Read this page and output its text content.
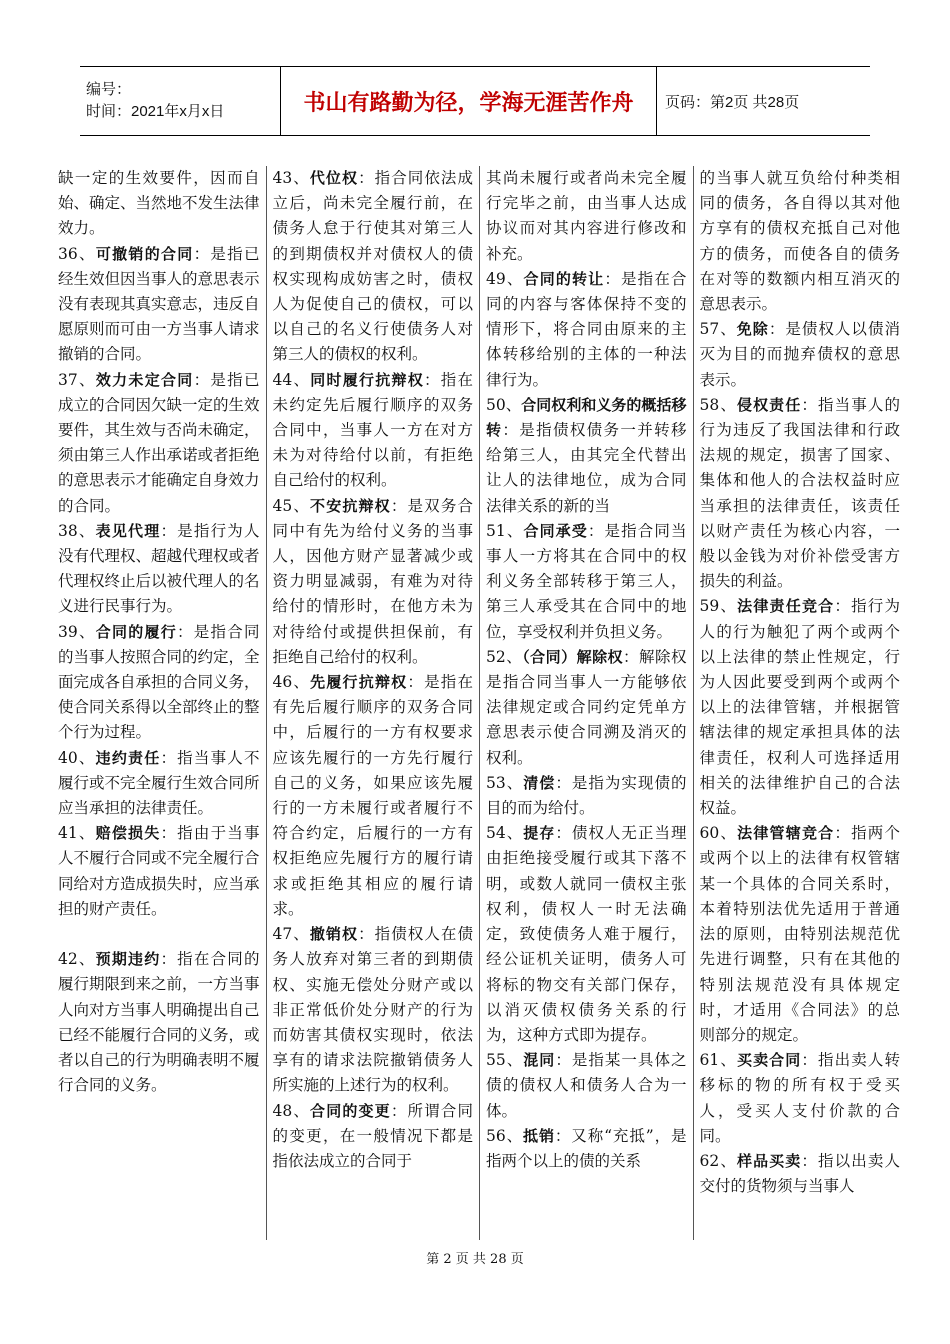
编号：
时间：2021年x月x日	书山有路勤为径，学海无涯苦作舟 页码：第2页 共28页

缺一定的生效要件，因而自始、确定、当然地不发生法律效力。

36、可撤销的合同：是指已经生效但因当事人的意思表示没有表现其真实意志，违反自愿原则而可由一方当事人请求撤销的合同。

37、效力未定合同：是指已成立的合同因欠缺一定的生效要件，其生效与否尚未确定，须由第三人作出承诺或者拒绝的意思表示才能确定自身效力的合同。

38、表见代理：是指行为人没有代理权、超越代理权或者代理权终止后以被代理人的名义进行民事行为。

39、合同的履行：是指合同的当事人按照合同的约定，全面完成各自承担的合同义务，使合同关系得以全部终止的整个行为过程。

40、违约责任：指当事人不履行或不完全履行生效合同所应当承担的法律责任。

41、赔偿损失：指由于当事人不履行合同或不完全履行合同给对方造成损失时，应当承担的财产责任。

42、预期违约：指在合同的履行期限到来之前，一方当事人向对方当事人明确提出自己已经不能履行合同的义务，或者以自己的行为明确表明不履行合同的义务。

43、代位权：指合同依法成立后，尚未完全履行前，在债务人怠于行使其对第三人的到期债权并对债权人的债权实现构成妨害之时，债权人为促使自己的债权，可以以自己的名义行使债务人对第三人的债权的权利。

44、同时履行抗辩权：指在未约定先后履行顺序的双务合同中，当事人一方在对方未为对待给付以前，有拒绝自己给付的权利。

45、不安抗辩权：是双务合同中有先为给付义务的当事人，因他方财产显著减少或资力明显减弱，有难为对待给付的情形时，在他方未为对待给付或提供担保前，有拒绝自己给付的权利。

46、先履行抗辩权：是指在有先后履行顺序的双务合同中，后履行的一方有权要求应该先履行的一方先行履行自己的义务，如果应该先履行的一方未履行或者履行不符合约定，后履行的一方有权拒绝应先履行方的履行请求或拒绝其相应的履行请求。

47、撤销权：指债权人在债务人放弃对第三者的到期债权、实施无偿处分财产或以非正常低价处分财产的行为而妨害其债权实现时，依法享有的请求法院撤销债务人所实施的上述行为的权利。

48、合同的变更：所谓合同的变更，在一般情况下都是指依法成立的合同于

其尚未履行或者尚未完全履行完毕之前，由当事人达成协议而对其内容进行修改和补充。

49、合同的转让：是指在合同的内容与客体保持不变的情形下，将合同由原来的主体转移给别的主体的一种法律行为。

50、合同权利和义务的概括移转：是指债权债务一并转移给第三人，由其完全代替出让人的法律地位，成为合同法律关系的新的当

51、合同承受：是指合同当事人一方将其在合同中的权利义务全部转移于第三人，第三人承受其在合同中的地位，享受权利并负担义务。

52、（合同）解除权：解除权是指合同当事人一方能够依法律规定或合同约定凭单方意思表示使合同溯及消灭的权利。

53、清偿：是指为实现债的目的而为给付。

54、提存：债权人无正当理由拒绝接受履行或其下落不明，或数人就同一债权主张权利，债权人一时无法确定，致使债务人难于履行，经公证机关证明，债务人可将标的物交有关部门保存，以消灭债权债务关系的行为，这种方式即为提存。

55、混同：是指某一具体之债的债权人和债务人合为一体。

56、抵销：又称“充抵”，是指两个以上的债的关系

的当事人就互负给付种类相同的债务，各自得以其对他方享有的债权充抵自己对他方的债务，而使各自的债务在对等的数额内相互消灭的意思表示。

57、免除：是债权人以债消灭为目的而抛弃债权的意思表示。

58、侵权责任：指当事人的行为违反了我国法律和行政法规的规定，损害了国家、集体和他人的合法权益时应当承担的法律责任，该责任以财产责任为核心内容，一般以金钱为对价补偿受害方损失的利益。

59、法律责任竞合：指行为人的行为触犯了两个或两个以上法律的禁止性规定，行为人因此要受到两个或两个以上的法律管辖，并根据管辖法律的规定承担具体的法律责任，权利人可选择适用相关的法律维护自己的合法权益。

60、法律管辖竞合：指两个或两个以上的法律有权管辖某一个具体的合同关系时，本着特别法优先适用于普通法的原则，由特别法规范优先进行调整，只有在其他的特别法规范没有具体规定时，才适用《合同法》的总则部分的规定。

61、买卖合同：指出卖人转移标的物的所有权于受买人，受买人支付价款的合同。

62、样品买卖：指以出卖人交付的货物须与当事人

第 2 页 共 28 页
